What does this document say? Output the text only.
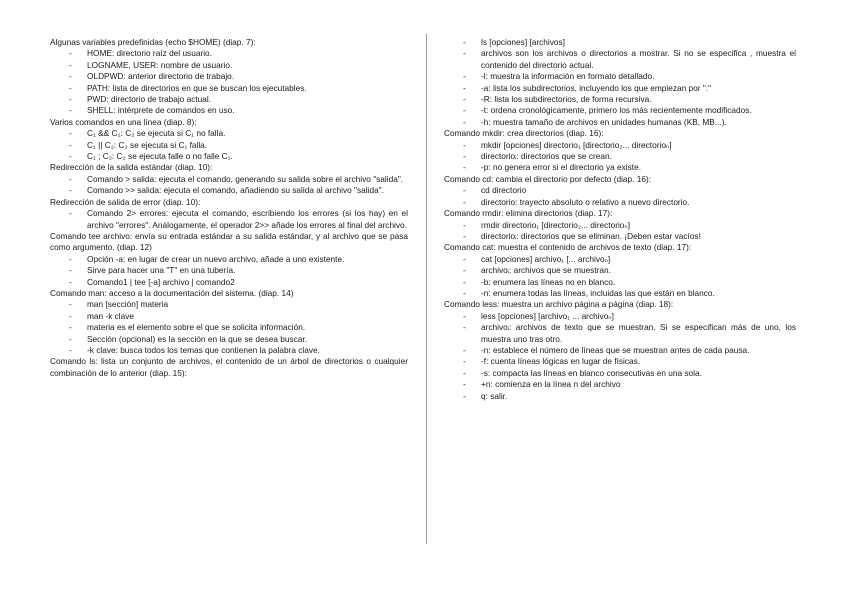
Algunas variables predefinidas (echo $HOME) (diap. 7):

- HOME: directorio raíz del usuario.
- LOGNAME, USER: nombre de usuario.
- OLDPWD: anterior directorio de trabajo.
- PATH: lista de directorios en que se buscan los ejecutables.
- PWD: directorio de trabajo actual.
- SHELL: intérprete de comandos en uso.

Varios comandos en una línea (diap. 8):

- C₁ && C₂: C₂ se ejecuta si C₁ no falla.
- C₁ || C₂: C₂ se ejecuta si C₁ falla.
- C₁ ; C₂: C₂ se ejecuta falle o no falle C₁.

Redirección de la salida estándar (diap. 10):

- Comando > salida: ejecuta el comando, generando su salida sobre el archivo "salida".
- Comando >> salida: ejecuta el comando, añadiendo su salida al archivo "salida".

Redirección de salida de error (diap. 10):

- Comando 2> errores: ejecuta el comando, escribiendo los errores (si los hay) en el archivo "errores". Análogamente, el operador 2>> añade los errores al final del archivo.

Comando tee archivo: envía su entrada estándar a su salida estándar, y al archivo que se pasa como argumento. (diap. 12)

- Opción -a: en lugar de crear un nuevo archivo, añade a uno existente.
- Sirve para hacer una "T" en una tubería.
- Comando1 | tee [-a] archivo | comando2

Comando man: acceso a la documentación del sistema. (diap. 14)

- man [sección] materia
- man -k clave
- materia es el elemento sobre el que se solicita información.
- Sección (opcional) es la sección en la que se desea buscar.
- -k clave: busca todos los temas que contienen la palabra clave.

Comando ls: lista un conjunto de archivos, el contenido de un árbol de directorios o cualquier combinación de lo anterior (diap. 15):

- ls [opciones] [archivos]
- archivos son los archivos o directorios a mostrar. Si no se especifica , muestra el contenido del directorio actual.
- -l: muestra la información en formato detallado.
- -a: lista los subdirectorios, incluyendo los que empiezan por "."
- -R: lista los subdirectorios, de forma recursiva.
- -t: ordena cronológicamente, primero los más recientemente modificados.
- -h: muestra tamaño de archivos en unidades humanas (KB, MB...).

Comando mkdir: crea directorios (diap. 16):

- mkdir [opciones] directorio₁ [directorio₂... directorioₙ]
- directorioᵢ: directorios que se crean.
- -p: no genera error si el directorio ya existe.

Comando cd: cambia el directorio por defecto (diap. 16):

- cd directorio
- directorio: trayecto absoluto o relativo a nuevo directorio.

Comando rmdir: elimina directorios (diap. 17):

- rmdir directorio₁ [directorio₂... directorioₙ]
- directorioᵢ: directorios que se eliminan. ¡Deben estar vacíos!

Comando cat: muestra el contenido de archivos de texto (diap. 17):

- cat [opciones] archivo₁ [... archivoₙ]
- archivoᵢ: archivos que se muestran.
- -b: enumera las líneas no en blanco.
- -n: enumera todas las líneas, incluidas las que están en blanco.

Comando less: muestra un archivo página a página (diap. 18):

- less [opciones] [archivo₁ ... archivoₙ]
- archivoᵢ: archivos de texto que se muestran. Si se especifican más de uno, los muestra uno tras otro.
- -n: establece el número de líneas que se muestran antes de cada pausa.
- -f: cuenta líneas lógicas en lugar de físicas.
- -s: compacta las líneas en blanco consecutivas en una sola.
- +n: comienza en la línea n del archivo
- q: salir.
